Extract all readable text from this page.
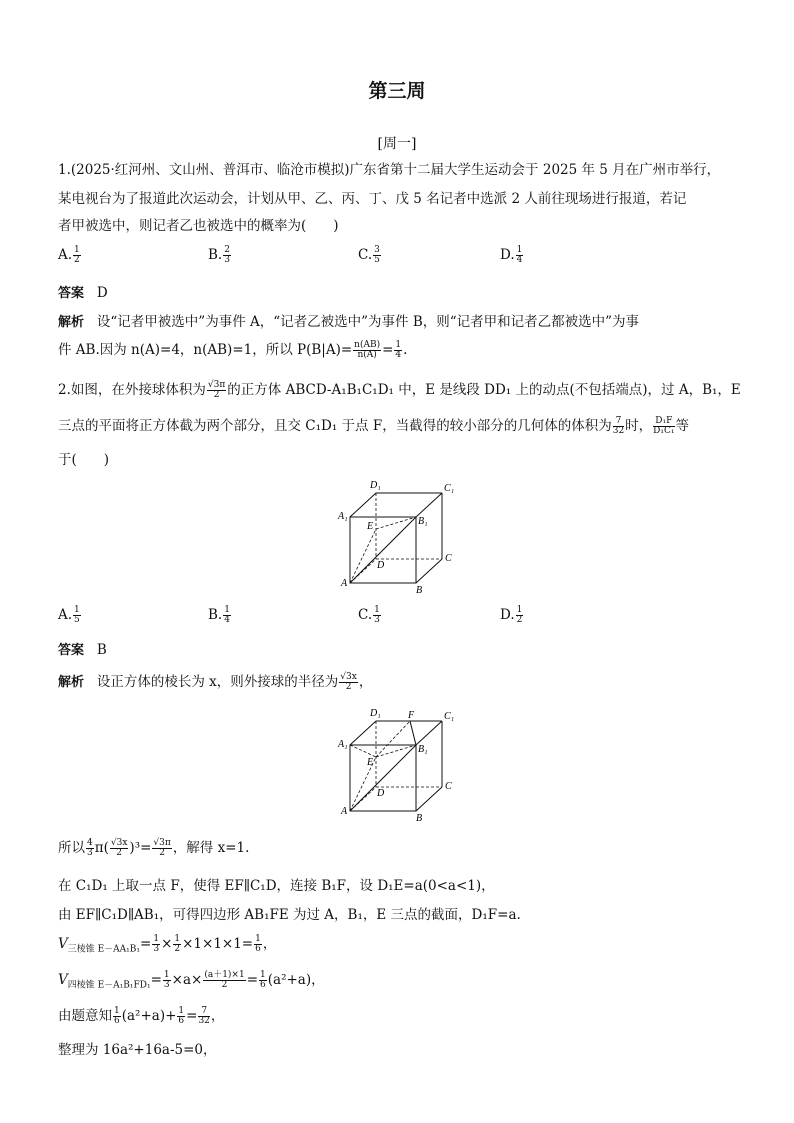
第三周
[周一]
1.(2025·红河州、文山州、普洱市、临沧市模拟)广东省第十二届大学生运动会于 2025 年 5 月在广州市举行，
某电视台为了报道此次运动会，计划从甲、乙、丙、丁、戊 5 名记者中选派 2 人前往现场进行报道，若记
者甲被选中，则记者乙也被选中的概率为(　　)
A. $\frac{1}{2}$	B. $\frac{2}{3}$	C. $\frac{3}{5}$	D. $\frac{1}{4}$
答案 D
解析 设“记者甲被选中”为事件 A，“记者乙被选中”为事件 B，则“记者甲和记者乙都被选中”为事
件 AB.因为 n(A)=4，n(AB)=1，所以 $P(B|A)= \frac{n(AB)}{n(A)} = \frac{1}{4}$ .
2.如图，在外接球体积为 $\frac{√3\pi}{2}$ 的正方体 ABCD-A₁B₁C₁D₁ 中，E 是线段 DD₁ 上的动点(不包括端点)，过 A，B₁，E
三点的平面将正方体截为两个部分，且交 C₁D₁ 于点 F，当截得的较小部分的几何体的体积为 $\frac{7}{32}$ 时， $\frac{\text{D₁F}}{\text{D₁C₁}}$ 等
于(　　)
D₁	C₁
A₁	B₁
E
D
C
A
B
A. $\frac{1}{5}$	B. $\frac{1}{4}$	C. $\frac{1}{3}$	D. $\frac{1}{2}$
答案 B
解析 设正方体的棱长为 x，则外接球的半径为 $\frac{√3x}{2}$ ，
D₁	F	C₁
A₁	B₁
E
D
C
A
B
所以 $\frac{4}{3} \pi( \frac{√3x}{2} )^3= \frac{√3\pi}{2}$ ，解得 x=1.
在 C₁D₁ 上取一点 F，使得 EF∥C₁D，连接 B₁F，设 D₁E=a(0<a<1)，
由 EF∥C₁D∥AB₁，可得四边形 AB₁FE 为过 A，B₁，E 三点的截面，D₁F=a.
$V_{三棱锥 E-AA_1B_1}= \frac{1}{3} \times \frac{1}{2} \times 1\times 1\times 1= \frac{1}{6}$ ，
$V_{四棱锥 E-A_1B_1FD_1}= \frac{1}{3} \times a\times \frac{(a+1)\times 1}{2} = \frac{1}{6} (a^2+a)$，
由题意知 $\frac{1}{6} (a^2+a)+ \frac{1}{6} = \frac{7}{32}$ ，
整理为 16a²+16a-5=0，
